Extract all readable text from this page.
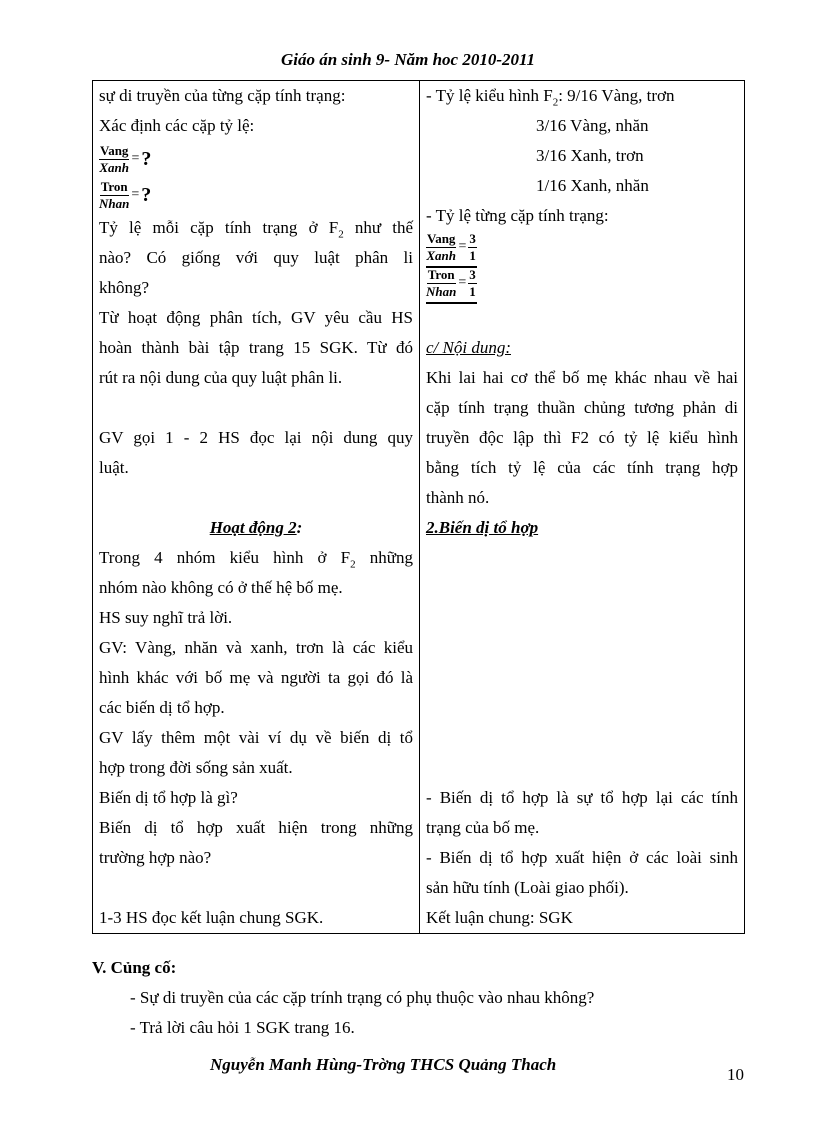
Giáo án sinh 9- Năm hoc 2010-2011
sự di truyền của từng cặp tính trạng:
Xác định các cặp tỷ lệ:
$\frac{\text{Vang}}{\text{Xanh}}$ = ?
$\frac{\text{Tron}}{\text{Nhan}}$ = ?
Tỷ lệ mỗi cặp tính trạng ở $F_2$ như thế
nào? Có giống với quy luật phân li
không?
Từ hoạt động phân tích, GV yêu cầu HS
hoàn thành bài tập trang 15 SGK. Từ đó
rút ra nội dung của quy luật phân li.
GV gọi 1 - 2 HS đọc lại nội dung quy
luật.
Hoạt động 2:
Trong 4 nhóm kiểu hình ở $F_2$ những
nhóm nào không có ở thế hệ bố mẹ.
HS suy nghĩ trả lời.
GV: Vàng, nhăn và xanh, trơn là các kiểu
hình khác với bố mẹ và người ta gọi đó là
các biến dị tổ hợp.
GV lấy thêm một vài ví dụ về biến dị tổ
hợp trong đời sống sản xuất.
Biến dị tổ hợp là gì?
Biến dị tổ hợp xuất hiện trong những
trường hợp nào?
1-3 HS đọc kết luận chung SGK.

- Tỷ lệ kiểu hình $F_2$: 9/16 Vàng, trơn
3/16 Vàng, nhăn
3/16 Xanh, trơn
1/16 Xanh, nhăn
- Tỷ lệ từng cặp tính trạng:
$\frac{\text{Vang}}{\text{Xanh}} = \frac{3}{1}$
$\frac{\text{Tron}}{\text{Nhan}} = \frac{3}{1}$
c/ Nội dung:
Khi lai hai cơ thể bố mẹ khác nhau về hai
cặp tính trạng thuần chủng tương phản di
truyền độc lập thì F2 có tỷ lệ kiểu hình
bằng tích tỷ lệ của các tính trạng hợp
thành nó.
2.Biến dị tổ hợp
- Biến dị tổ hợp là sự tổ hợp lại các tính
trạng của bố mẹ.
- Biến dị tổ hợp xuất hiện ở các loài sinh
sản hữu tính (Loài giao phối).
Kết luận chung: SGK
V. Củng cố:
- Sự di truyền của các cặp trính trạng có phụ thuộc vào nhau không?
- Trả lời câu hỏi 1 SGK trang 16.
Nguyễn Manh Hùng-Trờng THCS Quảng Thach
10
